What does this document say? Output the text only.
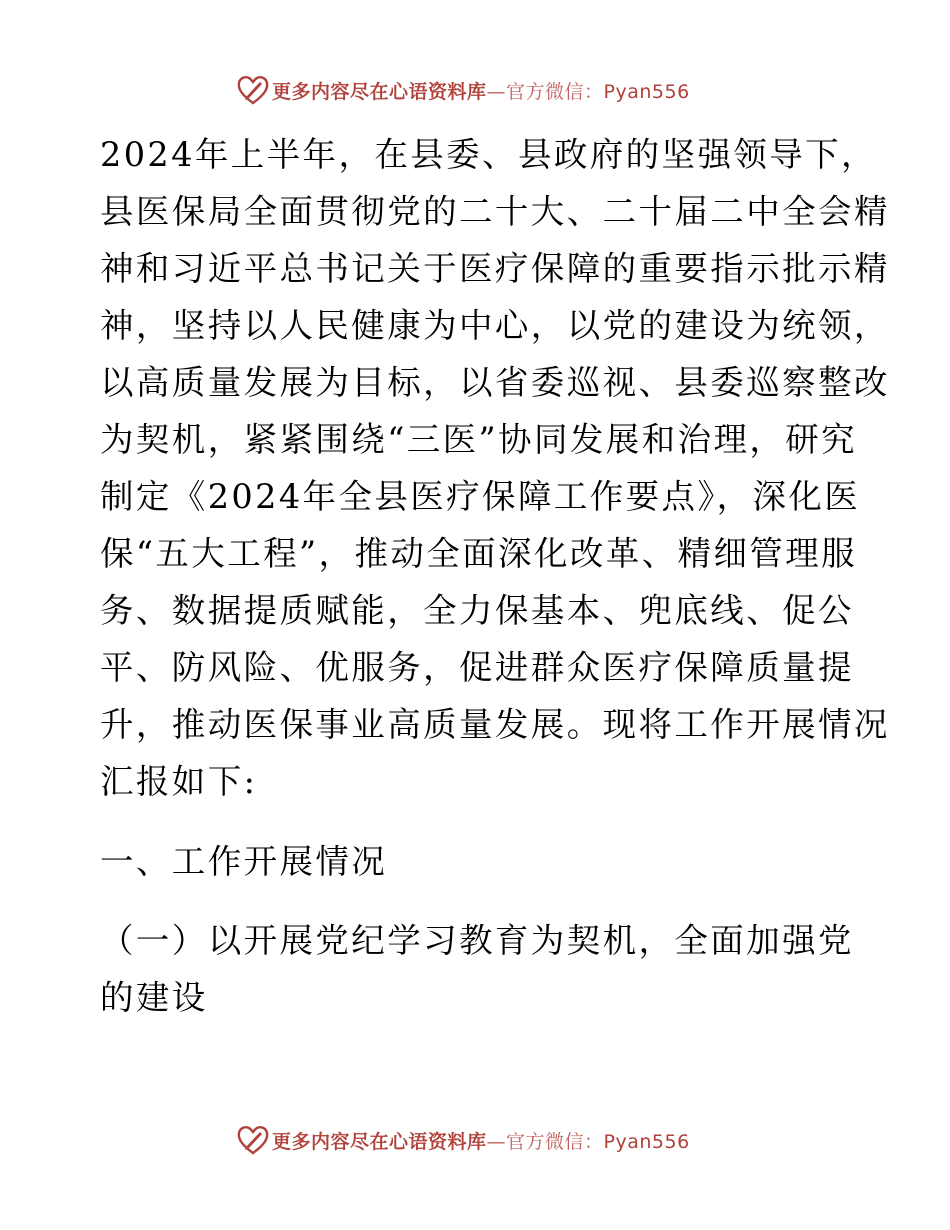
更多内容尽在心语资料库—官方微信：Pyan556
2024年上半年，在县委、县政府的坚强领导下，
县医保局全面贯彻党的二十大、二十届二中全会精
神和习近平总书记关于医疗保障的重要指示批示精
神，坚持以人民健康为中心，以党的建设为统领，
以高质量发展为目标，以省委巡视、县委巡察整改
为契机，紧紧围绕“三医”协同发展和治理，研究
制定《2024年全县医疗保障工作要点》，深化医
保“五大工程”，推动全面深化改革、精细管理服
务、数据提质赋能，全力保基本、兜底线、促公
平、防风险、优服务，促进群众医疗保障质量提
升，推动医保事业高质量发展。现将工作开展情况
汇报如下:
一、工作开展情况
（一）以开展党纪学习教育为契机，全面加强党
的建设
更多内容尽在心语资料库—官方微信：Pyan556
